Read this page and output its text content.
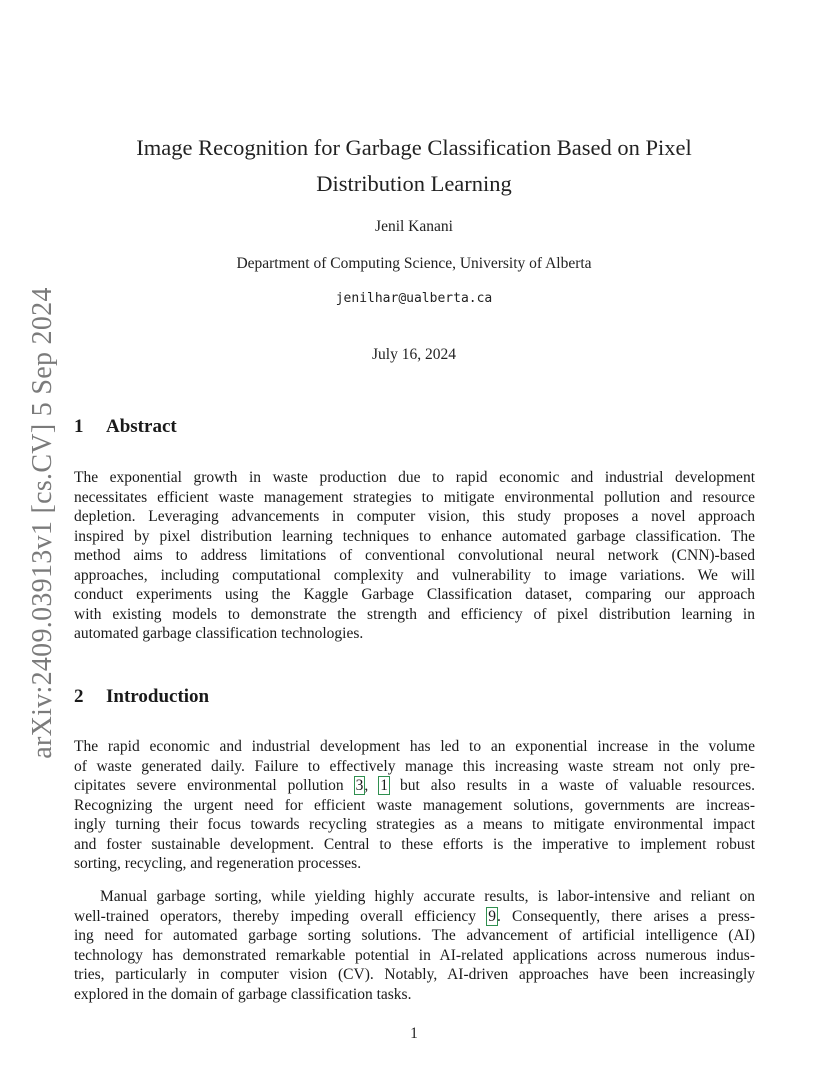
arXiv:2409.03913v1 [cs.CV] 5 Sep 2024
Image Recognition for Garbage Classification Based on Pixel
Distribution Learning
Jenil Kanani
Department of Computing Science, University of Alberta
jenilhar@ualberta.ca
July 16, 2024
1 Abstract
The exponential growth in waste production due to rapid economic and industrial development
necessitates efficient waste management strategies to mitigate environmental pollution and resource
depletion. Leveraging advancements in computer vision, this study proposes a novel approach
inspired by pixel distribution learning techniques to enhance automated garbage classification. The
method aims to address limitations of conventional convolutional neural network (CNN)-based
approaches, including computational complexity and vulnerability to image variations. We will
conduct experiments using the Kaggle Garbage Classification dataset, comparing our approach
with existing models to demonstrate the strength and efficiency of pixel distribution learning in
automated garbage classification technologies.
2 Introduction
The rapid economic and industrial development has led to an exponential increase in the volume
of waste generated daily. Failure to effectively manage this increasing waste stream not only pre-
cipitates severe environmental pollution 3, 1 but also results in a waste of valuable resources.
Recognizing the urgent need for efficient waste management solutions, governments are increas-
ingly turning their focus towards recycling strategies as a means to mitigate environmental impact
and foster sustainable development. Central to these efforts is the imperative to implement robust
sorting, recycling, and regeneration processes.
Manual garbage sorting, while yielding highly accurate results, is labor-intensive and reliant on
well-trained operators, thereby impeding overall efficiency 9. Consequently, there arises a press-
ing need for automated garbage sorting solutions. The advancement of artificial intelligence (AI)
technology has demonstrated remarkable potential in AI-related applications across numerous indus-
tries, particularly in computer vision (CV). Notably, AI-driven approaches have been increasingly
explored in the domain of garbage classification tasks.
1
